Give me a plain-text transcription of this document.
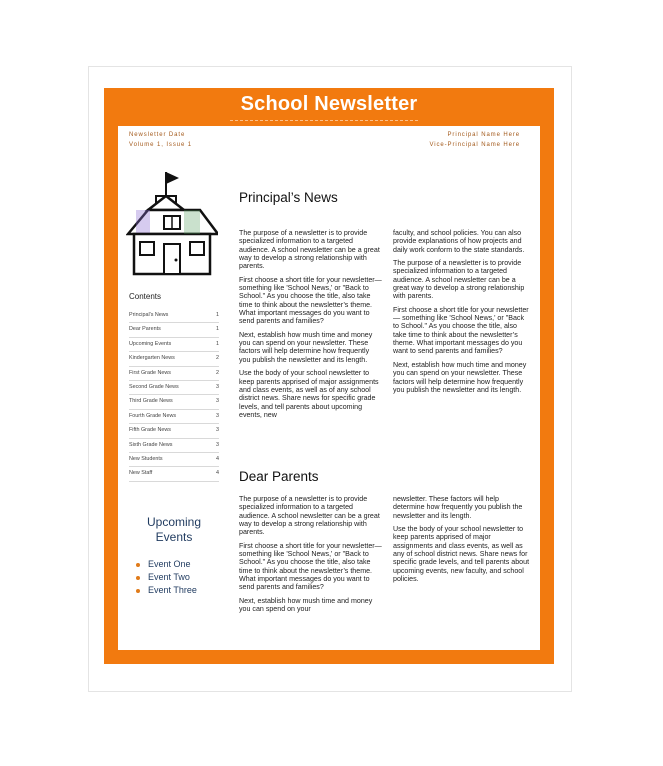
School Newsletter
Newsletter Date
Volume 1, Issue 1
Principal Name Here
Vice-Principal Name Here
Contents
Principal's News	1
Dear Parents	1
Upcoming Events	1
Kindergarten News	2
First Grade News	2
Second Grade News	3
Third Grade News	3
Fourth Grade News	3
Fifth Grade News	3
Sixth Grade News	3
New Students	4
New Staff	4
Upcoming
Events
Event One
Event Two
Event Three
Principal’s News

The purpose of a newsletter is to provide specialized information to a targeted audience. A school newsletter can be a great way to develop a strong relationship with parents.

First choose a short title for your newsletter— something like 'School News,' or "Back to School." As you choose the title, also take time to think about the newsletter’s theme. What important messages do you want to send parents and families?

Next, establish how mush time and money you can spend on your newsletter. These factors will help determine how frequently you publish the newsletter and its length.

Use the body of your school newsletter to keep parents apprised of major assignments and class events, as well as of any school district news. Share news for specific grade levels, and tell parents about upcoming events, new

faculty, and school policies. You can also provide explanations of how projects and daily work conform to the state standards.

The purpose of a newsletter is to provide specialized information to a targeted audience. A school newsletter can be a great way to develop a strong relationship with parents.

First choose a short title for your newsletter— something like 'School News,' or "Back to School." As you choose the title, also take time to think about the newsletter’s theme. What important messages do you want to send parents and families?

Next, establish how much time and money you can spend on your newsletter. These factors will help determine how frequently you publish the newsletter and its length.

Dear Parents

The purpose of a newsletter is to provide specialized information to a targeted audience. A school newsletter can be a great way to develop a strong relationship with parents.

First choose a short title for your newsletter— something like 'School News,' or "Back to School." As you choose the title, also take time to think about the newsletter’s theme. What important messages do you want to send parents and families?

Next, establish how mush time and money you can spend on your

newsletter. These factors will help determine how frequently you publish the newsletter and its length.

Use the body of your school newsletter to keep parents apprised of major assignments and class events, as well as any of school district news. Share news for specific grade levels, and tell parents about upcoming events, new faculty, and school policies.
